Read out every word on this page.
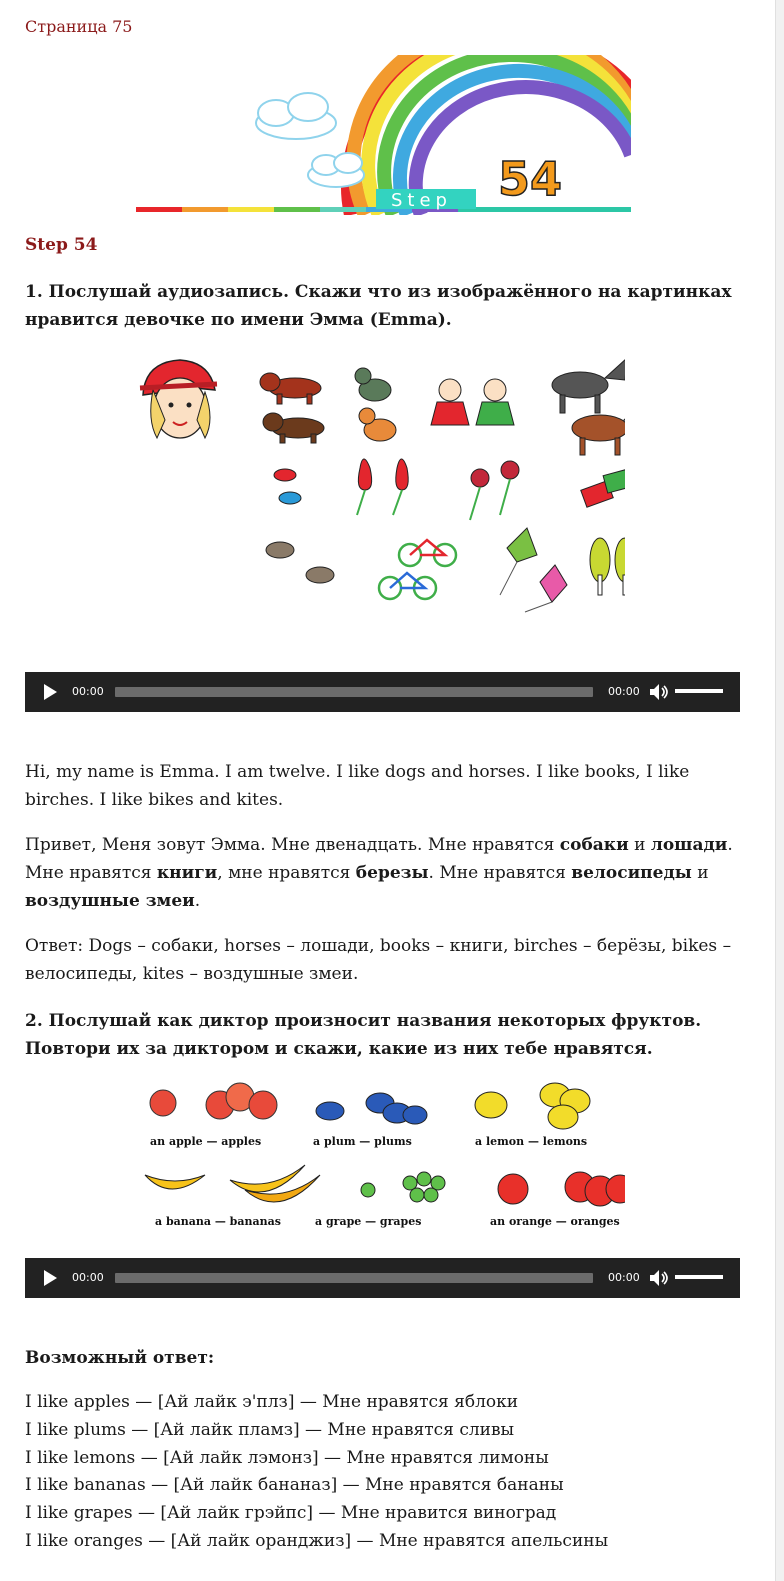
Страница 75
Step 54
Step 54

1. Послушай аудиозапись. Скажи что из изображённого на картинках нравится девочке по имени Эмма (Emma).

00:00	00:00

Hi, my name is Emma. I am twelve. I like dogs and horses. I like books, I like birches. I like bikes and kites.

Привет, Меня зовут Эмма. Мне двенадцать. Мне нравятся собаки и лошади. Мне нравятся книги, мне нравятся березы. Мне нравятся велосипеды и воздушные змеи.

Ответ: Dogs – собаки, horses – лошади, books – книги, birches – берёзы, bikes – велосипеды, kites – воздушные змеи.

2. Послушай как диктор произносит названия некоторых фруктов. Повтори их за диктором и скажи, какие из них тебе нравятся.

an apple — apples	a plum — plums	a lemon — lemons
a banana — bananas	a grape — grapes	an orange — oranges
00:00	00:00

Возможный ответ:

I like apples — [Ай лайк э'плз] — Мне нравятся яблоки
I like plums — [Ай лайк пламз] — Мне нравятся сливы
I like lemons — [Ай лайк лэмонз] — Мне нравятся лимоны
I like bananas — [Ай лайк бананаз] — Мне нравятся бананы
I like grapes — [Ай лайк грэйпс] — Мне нравится виноград
I like oranges — [Ай лайк оранджиз] — Мне нравятся апельсины
